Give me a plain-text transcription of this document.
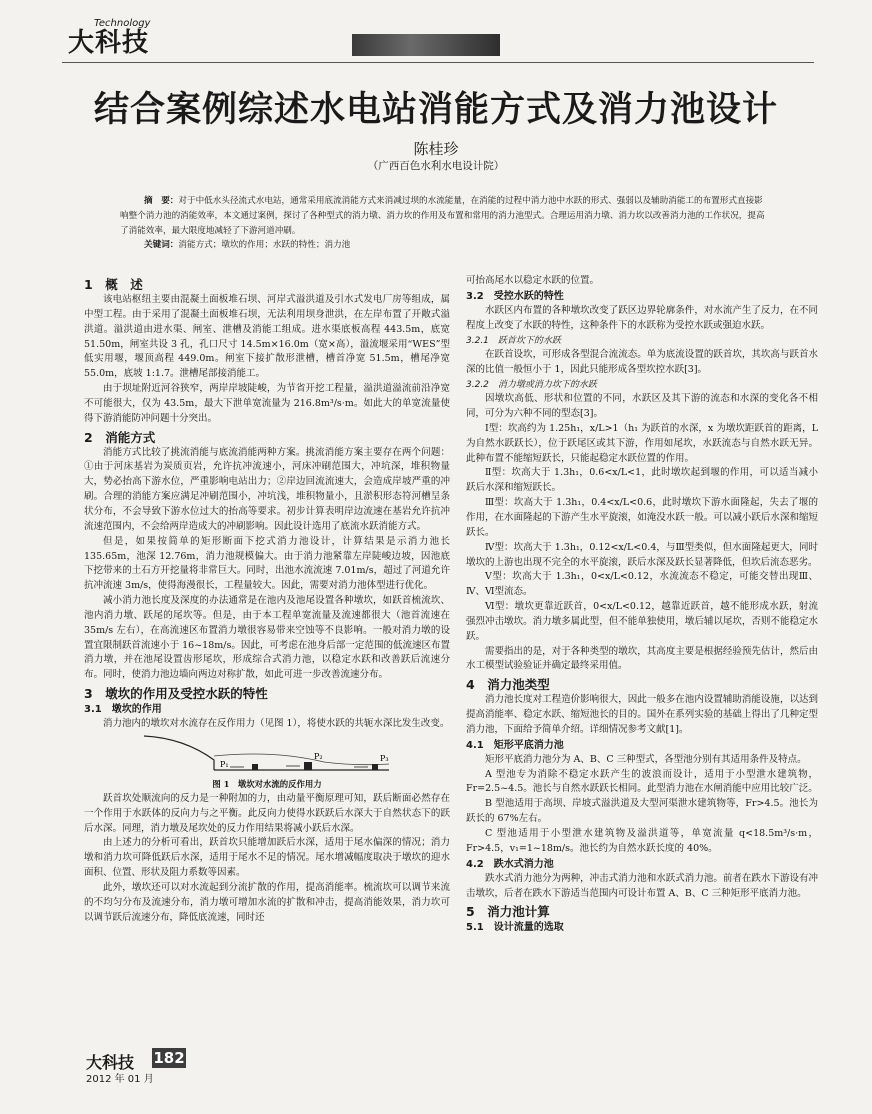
Technology
大科技
结合案例综述水电站消能方式及消力池设计
陈桂珍
（广西百色水利水电设计院）

摘　要：对于中低水头径流式水电站，通常采用底流消能方式来消减过坝的水流能量，在消能的过程中消力池中水跃的形式、强弱以及辅助消能工的布置形式直接影响整个消力池的消能效率，本文通过案例，探讨了各种型式的消力墩、消力坎的作用及布置和常用的消力池型式。合理运用消力墩、消力坎以改善消力池的工作状况，提高了消能效率，最大限度地减轻了下游河道冲刷。

关键词：消能方式；墩坎的作用；水跃的特性；消力池

1　概　述

该电站枢纽主要由混凝土面板堆石坝、河岸式溢洪道及引水式发电厂房等组成，属中型工程。由于采用了混凝土面板堆石坝，无法利用坝身泄洪，在左岸布置了开敞式溢洪道。溢洪道由进水渠、闸室、泄槽及消能工组成。进水渠底板高程 443.5m，底宽 51.50m，闸室共设 3 孔，孔口尺寸 14.5m×16.0m（宽×高），溢流堰采用“WES”型低实用堰，堰顶高程 449.0m。闸室下接扩散形泄槽，槽首净宽 51.5m，槽尾净宽 55.0m，底坡 1:1.7。泄槽尾部接消能工。

由于坝址附近河谷狭窄，两岸岸坡陡峻，为节省开挖工程量，溢洪道溢流前沿净宽不可能很大，仅为 43.5m，最大下泄单宽流量为 216.8m³/s·m。如此大的单宽流量使得下游消能防冲问题十分突出。

2　消能方式

消能方式比较了挑流消能与底流消能两种方案。挑流消能方案主要存在两个问题：①由于河床基岩为炭质页岩，允许抗冲流速小，河床冲刷范围大，冲坑深，堆积物量大，势必抬高下游水位，严重影响电站出力；②岸边回流流速大，会造成岸坡严重的冲刷。合理的消能方案应满足冲刷范围小，冲坑浅，堆积物量小，且淤积形态符河槽呈条状分布，不会导致下游水位过大的抬高等要求。初步计算表明岸边流速在基岩允许抗冲流速范围内，不会给两岸造成大的冲刷影响。因此设计选用了底流水跃消能方式。

但是，如果按简单的矩形断面下挖式消力池设计，计算结果是示消力池长 135.65m，池深 12.76m，消力池规模偏大。由于消力池紧靠左岸陡峻边坡，因池底下挖带来的土石方开挖量将非常巨大。同时，出池水流流速 7.01m/s，超过了河道允许抗冲流速 3m/s，使得海漫很长，工程量较大。因此，需要对消力池体型进行优化。

减小消力池长度及深度的办法通常是在池内及池尾设置各种墩坎，如跃首梳流坎、池内消力墩、跃尾的尾坎等。但是，由于本工程单宽流量及流速都很大（池首流速在 35m/s 左右），在高流速区布置消力墩很容易带来空蚀等不良影响。一般对消力墩的设置宜限制跃首流速小于 16~18m/s。因此，可考虑在池身后部一定范围的低流速区布置消力墩，并在池尾设置齿形尾坎，形成综合式消力池，以稳定水跃和改善跃后流速分布。同时，使消力池边墙向两边对称扩散，如此可进一步改善流速分布。

3　墩坎的作用及受控水跃的特性
3.1　墩坎的作用

消力池内的墩坎对水流存在反作用力（见图 1），将使水跃的共轭水深比发生改变。

P₁
P₂	P₃
图 1　墩坎对水流的反作用力

跃首坎处顺流向的反力是一种附加的力，由动量平衡原理可知，跃后断面必然存在一个作用于水跃体的反向力与之平衡。此反向力使得水跃跃后水深大于自然状态下的跃后水深。同理，消力墩及尾坎处的反力作用结果将减小跃后水深。

由上述力的分析可看出，跃首坎只能增加跃后水深，适用于尾水偏深的情况；消力墩和消力坎可降低跃后水深，适用于尾水不足的情况。尾水增减幅度取决于墩坎的迎水面积、位置、形状及阻力系数等因素。

此外，墩坎还可以对水流起到分流扩散的作用，提高消能率。梳流坎可以调节来流的不均匀分布及流速分布，消力墩可增加水流的扩散和冲击，提高消能效果，消力坎可以调节跃后流速分布，降低底流速，同时还

可抬高尾水以稳定水跃的位置。

3.2　受控水跃的特性

水跃区内布置的各种墩坎改变了跃区边界轮廓条件，对水流产生了反力，在不同程度上改变了水跃的特性，这种条件下的水跃称为受控水跃或强迫水跃。

3.2.1　跃首坎下的水跃

在跃首设坎，可形成各型混合流流态。单为底流设置的跃首坎，其坎高与跃首水深的比值一般恒小于 1，因此只能形成各型坎控水跃[3]。

3.2.2　消力墩或消力坎下的水跃

因墩坎高低、形状和位置的不同，水跃区及其下游的流态和水深的变化各不相同，可分为六种不同的型态[3]。

Ⅰ型：坎高约为 1.25h₁，x/L>1（h₁ 为跃首的水深，x 为墩坎距跃首的距离，L 为自然水跃跃长），位于跃尾区或其下游，作用如尾坎，水跃流态与自然水跃无异。此种布置不能缩短跃长，只能起稳定水跃位置的作用。

Ⅱ型：坎高大于 1.3h₁，0.6<x/L<1，此时墩坎起到堰的作用，可以适当减小跃后水深和缩短跃长。

Ⅲ型：坎高大于 1.3h₁，0.4<x/L<0.6，此时墩坎下游水面隆起，失去了堰的作用，在水面隆起的下游产生水平旋滚，如淹没水跃一般。可以减小跃后水深和缩短跃长。

Ⅳ型：坎高大于 1.3h₁，0.12<x/L<0.4，与Ⅲ型类似，但水面隆起更大，同时墩坎的上游也出现不完全的水平旋滚，跃后水深及跃长显著降低，但坎后流态恶劣。

Ⅴ型：坎高大于 1.3h₁，0<x/L<0.12，水流流态不稳定，可能交替出现Ⅲ、Ⅳ、Ⅵ型流态。

Ⅵ型：墩坎更靠近跃首，0<x/L<0.12，越靠近跃首，越不能形成水跃，射流强烈冲击墩坎。消力墩多属此型，但不能单独使用，墩后辅以尾坎，否则不能稳定水跃。

需要指出的是，对于各种类型的墩坎，其高度主要是根据经验预先估计，然后由水工模型试验验证并确定最终采用值。

4　消力池类型

消力池长度对工程造价影响很大，因此一般多在池内设置辅助消能设施，以达到提高消能率、稳定水跃、缩短池长的目的。国外在系列实验的基础上得出了几种定型消力池，下面给予简单介绍。详细情况参考文献[1]。

4.1　矩形平底消力池

矩形平底消力池分为 A、B、C 三种型式，各型池分别有其适用条件及特点。

A 型池专为消除不稳定水跃产生的波浪而设计，适用于小型泄水建筑物，Fr=2.5~4.5。池长与自然水跃跃长相同。此型消力池在水闸消能中应用比较广泛。

B 型池适用于高坝、岸坡式溢洪道及大型河渠泄水建筑物等，Fr>4.5。池长为跃长的 67%左右。

C 型池适用于小型泄水建筑物及溢洪道等，单宽流量 q<18.5m³/s·m，Fr>4.5，v₁=1~18m/s。池长约为自然水跃长度的 40%。

4.2　跌水式消力池

跌水式消力池分为两种，冲击式消力池和水跃式消力池。前者在跌水下游设有冲击墩坎，后者在跌水下游适当范围内可设计布置 A、B、C 三种矩形平底消力池。

5　消力池计算
5.1　设计流量的选取
大科技 182
2012 年 01 月
